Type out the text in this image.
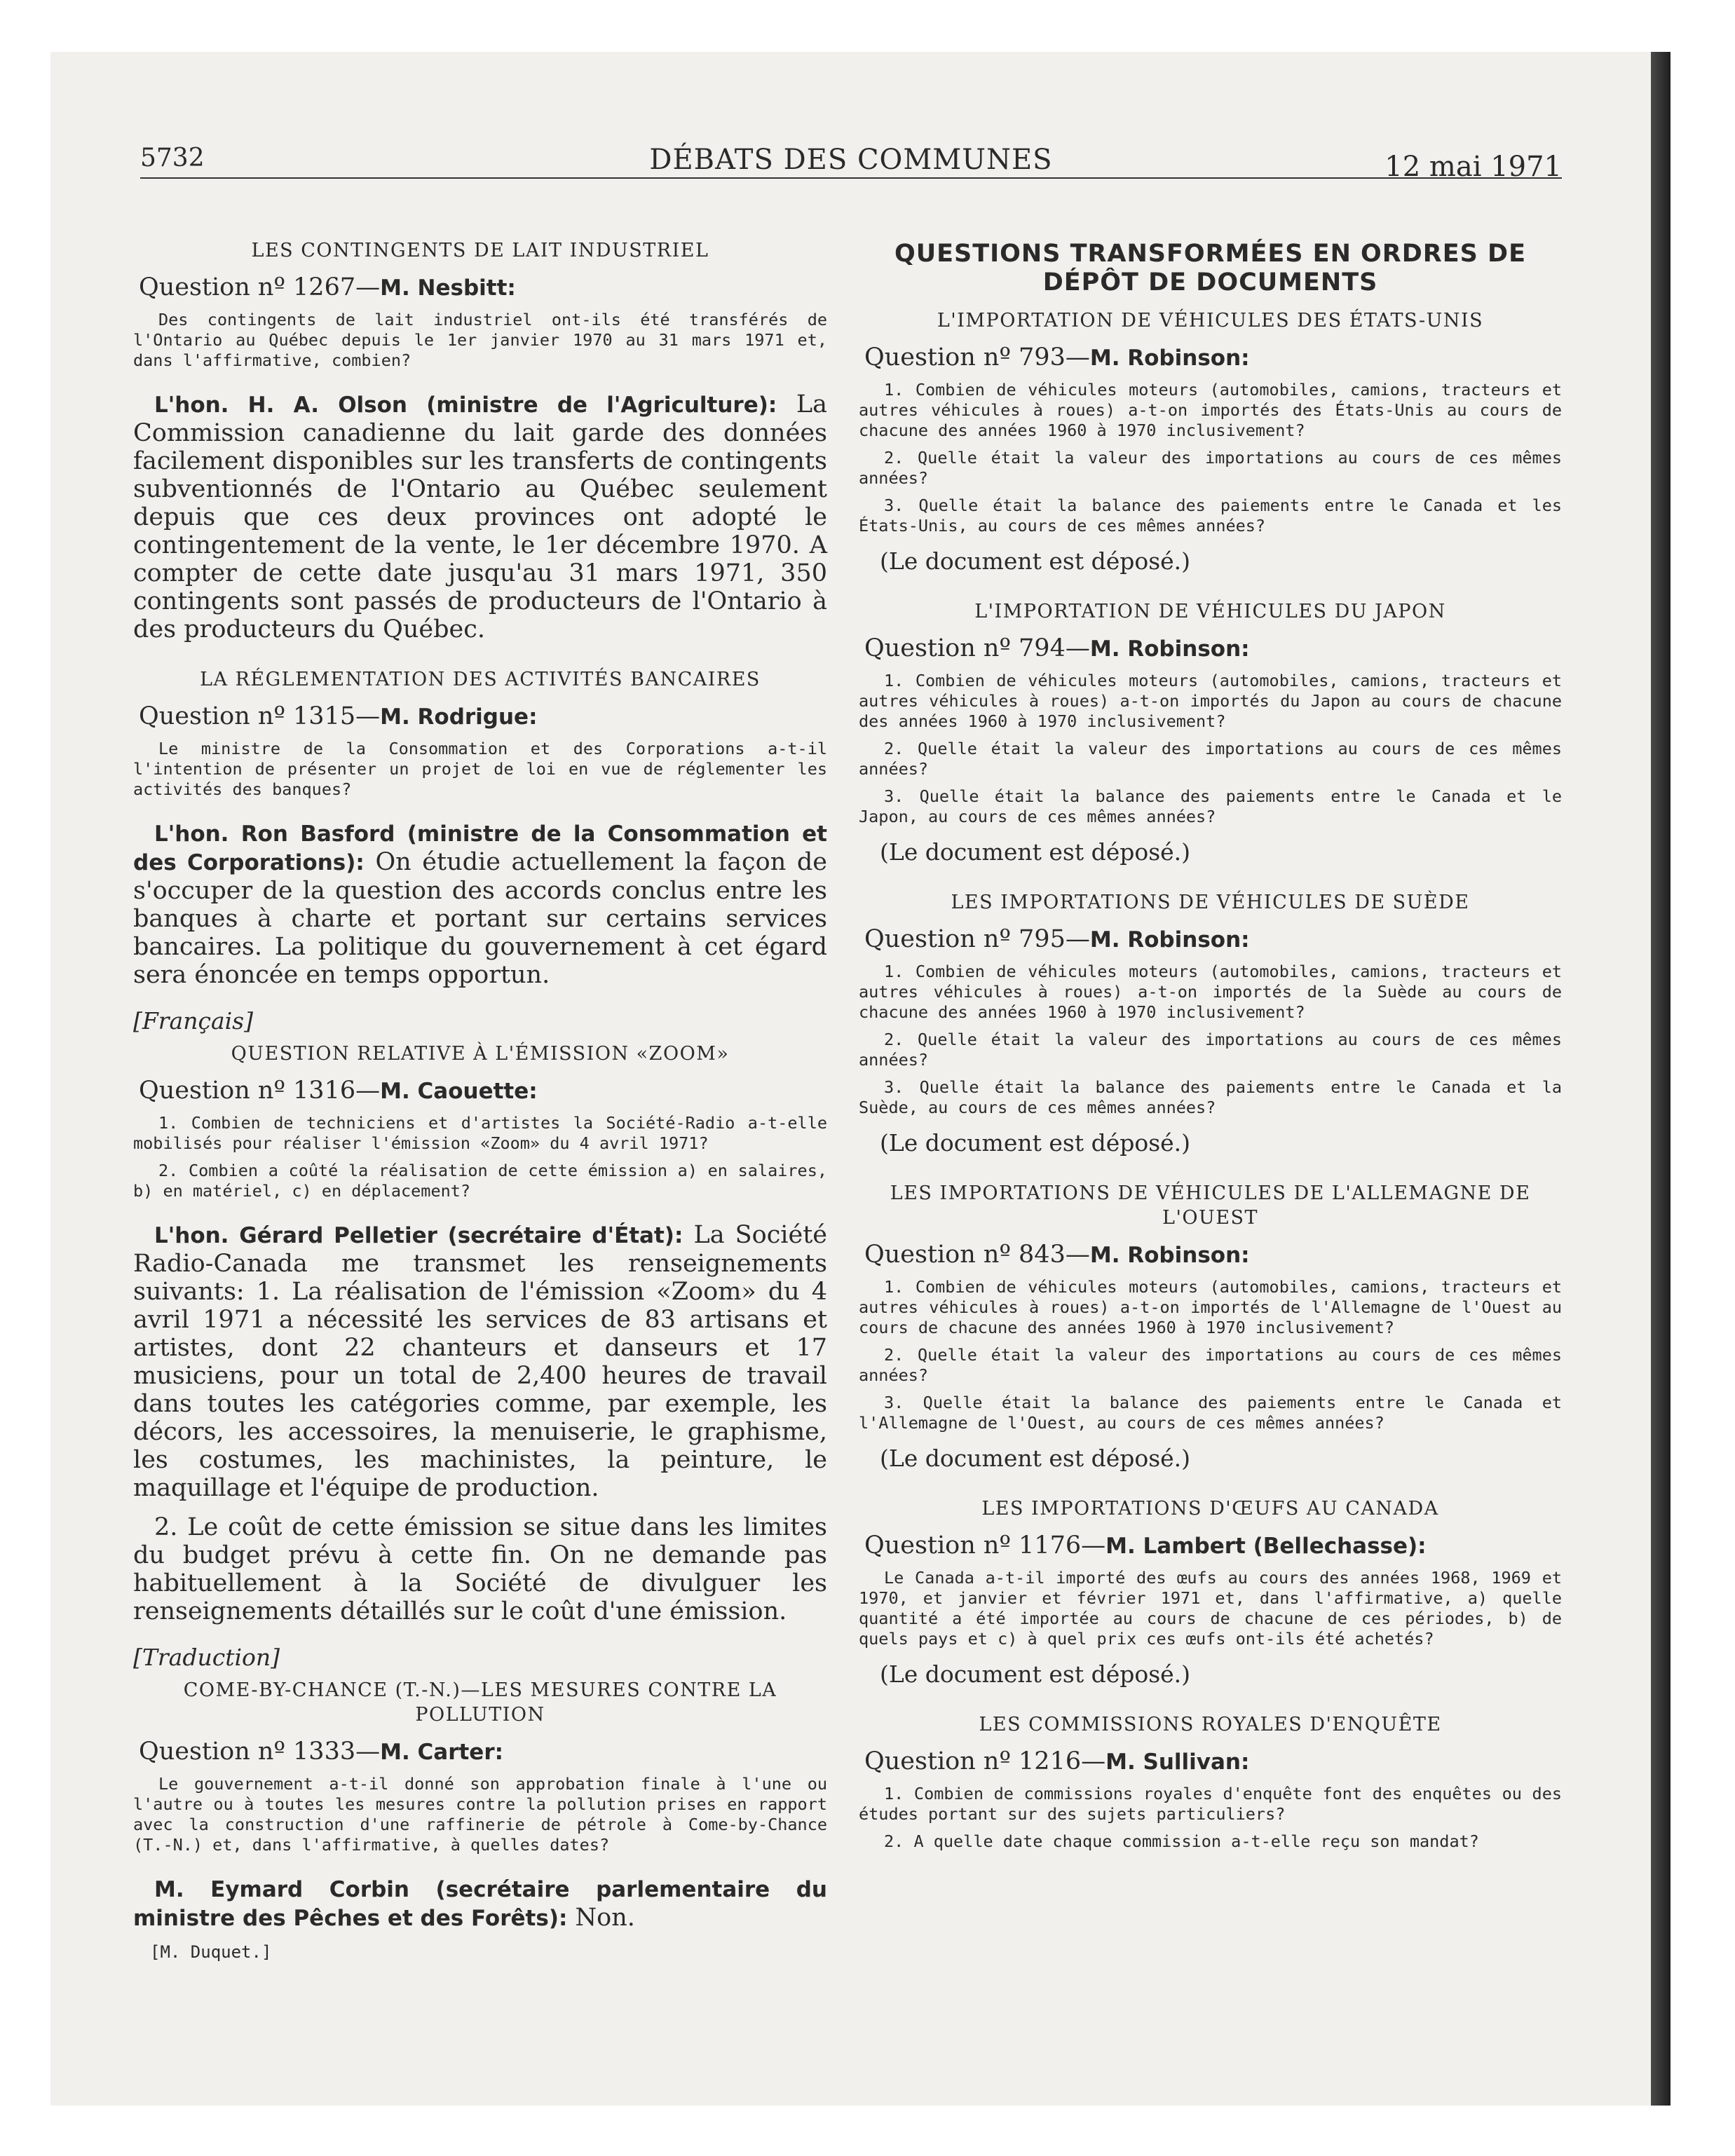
5732	DÉBATS DES COMMUNES	12 mai 1971
LES CONTINGENTS DE LAIT INDUSTRIEL
Question nº 1267—M. Nesbitt:

Des contingents de lait industriel ont-ils été transférés de l'Ontario au Québec depuis le 1er janvier 1970 au 31 mars 1971 et, dans l'affirmative, combien?

L'hon. H. A. Olson (ministre de l'Agriculture): La Commission canadienne du lait garde des données facilement disponibles sur les transferts de contingents subventionnés de l'Ontario au Québec seulement depuis que ces deux provinces ont adopté le contingentement de la vente, le 1er décembre 1970. A compter de cette date jusqu'au 31 mars 1971, 350 contingents sont passés de producteurs de l'Ontario à des producteurs du Québec.

LA RÉGLEMENTATION DES ACTIVITÉS BANCAIRES
Question nº 1315—M. Rodrigue:

Le ministre de la Consommation et des Corporations a-t-il l'intention de présenter un projet de loi en vue de réglementer les activités des banques?

L'hon. Ron Basford (ministre de la Consommation et des Corporations): On étudie actuellement la façon de s'occuper de la question des accords conclus entre les banques à charte et portant sur certains services bancaires. La politique du gouvernement à cet égard sera énoncée en temps opportun.

[Français]
QUESTION RELATIVE À L'ÉMISSION «ZOOM»
Question nº 1316—M. Caouette:

1. Combien de techniciens et d'artistes la Société-Radio a-t-elle mobilisés pour réaliser l'émission «Zoom» du 4 avril 1971?

2. Combien a coûté la réalisation de cette émission a) en salaires, b) en matériel, c) en déplacement?

L'hon. Gérard Pelletier (secrétaire d'État): La Société Radio-Canada me transmet les renseignements suivants: 1. La réalisation de l'émission «Zoom» du 4 avril 1971 a nécessité les services de 83 artisans et artistes, dont 22 chanteurs et danseurs et 17 musiciens, pour un total de 2,400 heures de travail dans toutes les catégories comme, par exemple, les décors, les accessoires, la menuiserie, le graphisme, les costumes, les machinistes, la peinture, le maquillage et l'équipe de production.

2. Le coût de cette émission se situe dans les limites du budget prévu à cette fin. On ne demande pas habituellement à la Société de divulguer les renseignements détaillés sur le coût d'une émission.

[Traduction]
COME-BY-CHANCE (T.-N.)—LES MESURES CONTRE LA POLLUTION
Question nº 1333—M. Carter:

Le gouvernement a-t-il donné son approbation finale à l'une ou l'autre ou à toutes les mesures contre la pollution prises en rapport avec la construction d'une raffinerie de pétrole à Come-by-Chance (T.-N.) et, dans l'affirmative, à quelles dates?

M. Eymard Corbin (secrétaire parlementaire du ministre des Pêches et des Forêts): Non.

[M. Duquet.]
QUESTIONS TRANSFORMÉES EN ORDRES DE DÉPÔT DE DOCUMENTS
L'IMPORTATION DE VÉHICULES DES ÉTATS-UNIS
Question nº 793—M. Robinson:

1. Combien de véhicules moteurs (automobiles, camions, tracteurs et autres véhicules à roues) a-t-on importés des États-Unis au cours de chacune des années 1960 à 1970 inclusivement?

2. Quelle était la valeur des importations au cours de ces mêmes années?

3. Quelle était la balance des paiements entre le Canada et les États-Unis, au cours de ces mêmes années?

(Le document est déposé.)
L'IMPORTATION DE VÉHICULES DU JAPON
Question nº 794—M. Robinson:

1. Combien de véhicules moteurs (automobiles, camions, tracteurs et autres véhicules à roues) a-t-on importés du Japon au cours de chacune des années 1960 à 1970 inclusivement?

2. Quelle était la valeur des importations au cours de ces mêmes années?

3. Quelle était la balance des paiements entre le Canada et le Japon, au cours de ces mêmes années?

(Le document est déposé.)
LES IMPORTATIONS DE VÉHICULES DE SUÈDE
Question nº 795—M. Robinson:

1. Combien de véhicules moteurs (automobiles, camions, tracteurs et autres véhicules à roues) a-t-on importés de la Suède au cours de chacune des années 1960 à 1970 inclusivement?

2. Quelle était la valeur des importations au cours de ces mêmes années?

3. Quelle était la balance des paiements entre le Canada et la Suède, au cours de ces mêmes années?

(Le document est déposé.)
LES IMPORTATIONS DE VÉHICULES DE L'ALLEMAGNE DE L'OUEST
Question nº 843—M. Robinson:

1. Combien de véhicules moteurs (automobiles, camions, tracteurs et autres véhicules à roues) a-t-on importés de l'Allemagne de l'Ouest au cours de chacune des années 1960 à 1970 inclusivement?

2. Quelle était la valeur des importations au cours de ces mêmes années?

3. Quelle était la balance des paiements entre le Canada et l'Allemagne de l'Ouest, au cours de ces mêmes années?

(Le document est déposé.)
LES IMPORTATIONS D'ŒUFS AU CANADA
Question nº 1176—M. Lambert (Bellechasse):

Le Canada a-t-il importé des œufs au cours des années 1968, 1969 et 1970, et janvier et février 1971 et, dans l'affirmative, a) quelle quantité a été importée au cours de chacune de ces périodes, b) de quels pays et c) à quel prix ces œufs ont-ils été achetés?

(Le document est déposé.)
LES COMMISSIONS ROYALES D'ENQUÊTE
Question nº 1216—M. Sullivan:

1. Combien de commissions royales d'enquête font des enquêtes ou des études portant sur des sujets particuliers?

2. A quelle date chaque commission a-t-elle reçu son mandat?
